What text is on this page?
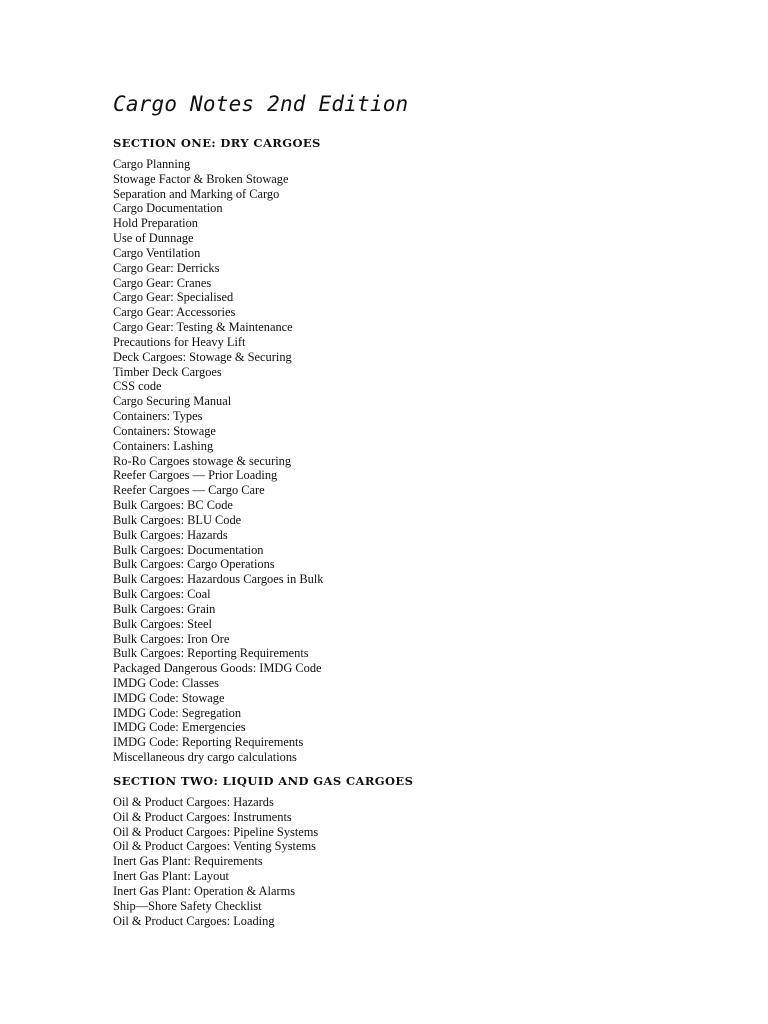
Cargo Notes 2nd Edition
SECTION ONE: DRY CARGOES
Cargo Planning
Stowage Factor & Broken Stowage
Separation and Marking of Cargo
Cargo Documentation
Hold Preparation
Use of Dunnage
Cargo Ventilation
Cargo Gear: Derricks
Cargo Gear: Cranes
Cargo Gear: Specialised
Cargo Gear: Accessories
Cargo Gear: Testing & Maintenance
Precautions for Heavy Lift
Deck Cargoes: Stowage & Securing
Timber Deck Cargoes
CSS code
Cargo Securing Manual
Containers: Types
Containers: Stowage
Containers: Lashing
Ro-Ro Cargoes stowage & securing
Reefer Cargoes — Prior Loading
Reefer Cargoes — Cargo Care
Bulk Cargoes: BC Code
Bulk Cargoes: BLU Code
Bulk Cargoes: Hazards
Bulk Cargoes: Documentation
Bulk Cargoes: Cargo Operations
Bulk Cargoes: Hazardous Cargoes in Bulk
Bulk Cargoes: Coal
Bulk Cargoes: Grain
Bulk Cargoes: Steel
Bulk Cargoes: Iron Ore
Bulk Cargoes: Reporting Requirements
Packaged Dangerous Goods: IMDG Code
IMDG Code: Classes
IMDG Code: Stowage
IMDG Code: Segregation
IMDG Code: Emergencies
IMDG Code: Reporting Requirements
Miscellaneous dry cargo calculations
SECTION TWO: LIQUID AND GAS CARGOES
Oil & Product Cargoes: Hazards
Oil & Product Cargoes: Instruments
Oil & Product Cargoes: Pipeline Systems
Oil & Product Cargoes: Venting Systems
Inert Gas Plant: Requirements
Inert Gas Plant: Layout
Inert Gas Plant: Operation & Alarms
Ship—Shore Safety Checklist
Oil & Product Cargoes: Loading
